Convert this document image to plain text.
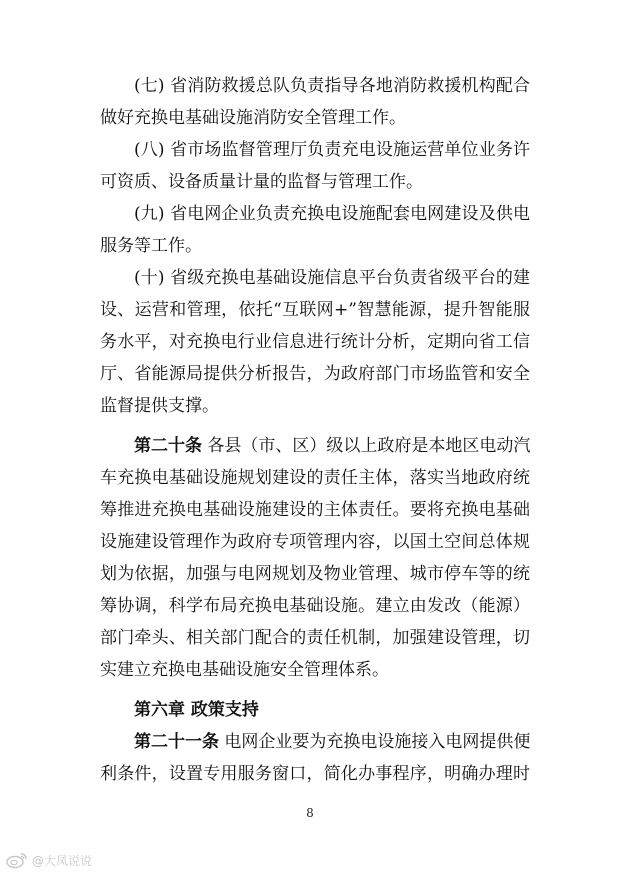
(七) 省消防救援总队负责指导各地消防救援机构配合
做好充换电基础设施消防安全管理工作。
(八) 省市场监督管理厅负责充电设施运营单位业务许
可资质、设备质量计量的监督与管理工作。
(九) 省电网企业负责充换电设施配套电网建设及供电
服务等工作。
(十) 省级充换电基础设施信息平台负责省级平台的建
设、运营和管理，依托“互联网+”智慧能源，提升智能服
务水平，对充换电行业信息进行统计分析，定期向省工信
厅、省能源局提供分析报告，为政府部门市场监管和安全
监督提供支撑。
第二十条 各县（市、区）级以上政府是本地区电动汽
车充换电基础设施规划建设的责任主体，落实当地政府统
筹推进充换电基础设施建设的主体责任。要将充换电基础
设施建设管理作为政府专项管理内容，以国土空间总体规
划为依据，加强与电网规划及物业管理、城市停车等的统
筹协调，科学布局充换电基础设施。建立由发改（能源）
部门牵头、相关部门配合的责任机制，加强建设管理，切
实建立充换电基础设施安全管理体系。
第六章 政策支持
第二十一条 电网企业要为充换电设施接入电网提供便
利条件，设置专用服务窗口，简化办事程序，明确办理时
8
@大凤说说
